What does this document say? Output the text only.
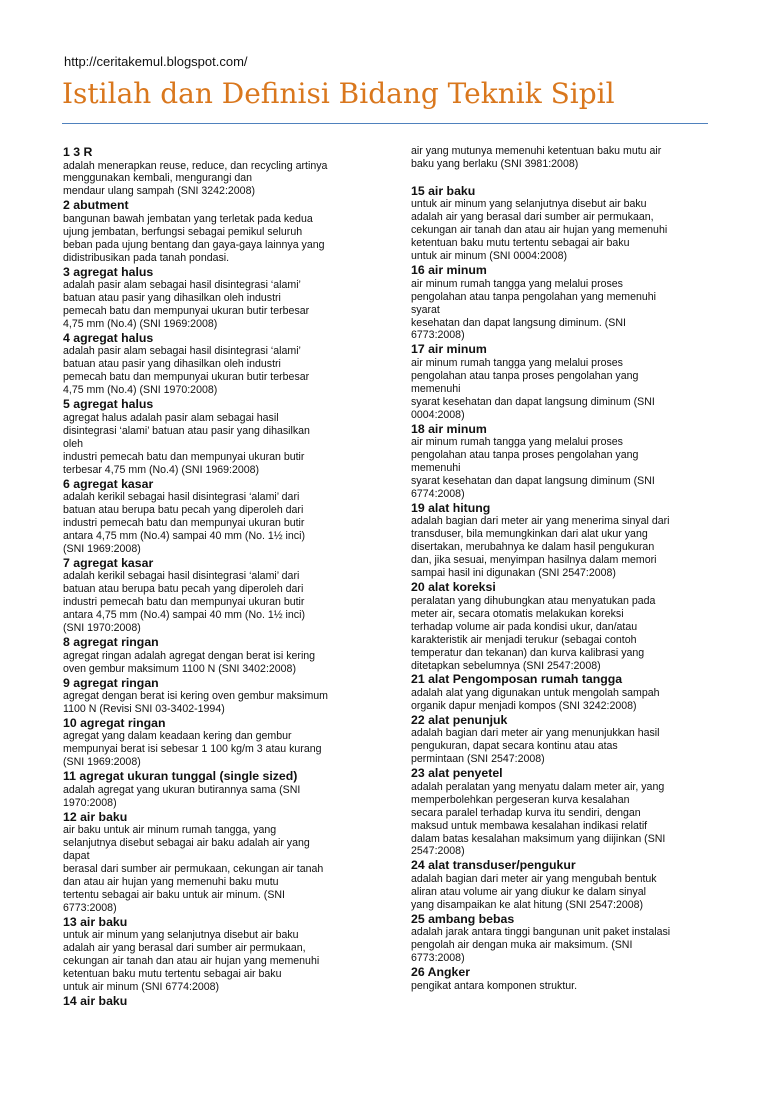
http://ceritakemul.blogspot.com/
Istilah dan Definisi Bidang Teknik Sipil
1 3 R

adalah menerapkan reuse, reduce, dan recycling artinya

menggunakan kembali, mengurangi dan

mendaur ulang sampah (SNI 3242:2008)

2 abutment

bangunan bawah jembatan yang terletak pada kedua

ujung jembatan, berfungsi sebagai pemikul seluruh

beban pada ujung bentang dan gaya-gaya lainnya yang

didistribusikan pada tanah pondasi.

3 agregat halus

adalah pasir alam sebagai hasil disintegrasi ‘alami’

batuan atau pasir yang dihasilkan oleh industri

pemecah batu dan mempunyai ukuran butir terbesar

4,75 mm (No.4) (SNI 1969:2008)

4 agregat halus

adalah pasir alam sebagai hasil disintegrasi ‘alami’

batuan atau pasir yang dihasilkan oleh industri

pemecah batu dan mempunyai ukuran butir terbesar

4,75 mm (No.4) (SNI 1970:2008)

5 agregat halus

agregat halus adalah pasir alam sebagai hasil

disintegrasi ‘alami’ batuan atau pasir yang dihasilkan

oleh

industri pemecah batu dan mempunyai ukuran butir

terbesar 4,75 mm (No.4) (SNI 1969:2008)

6 agregat kasar

adalah kerikil sebagai hasil disintegrasi ‘alami’ dari

batuan atau berupa batu pecah yang diperoleh dari

industri pemecah batu dan mempunyai ukuran butir

antara 4,75 mm (No.4) sampai 40 mm (No. 1½ inci)

(SNI 1969:2008)

7 agregat kasar

adalah kerikil sebagai hasil disintegrasi ‘alami’ dari

batuan atau berupa batu pecah yang diperoleh dari

industri pemecah batu dan mempunyai ukuran butir

antara 4,75 mm (No.4) sampai 40 mm (No. 1½ inci)

(SNI 1970:2008)

8 agregat ringan

agregat ringan adalah agregat dengan berat isi kering

oven gembur maksimum 1100 N (SNI 3402:2008)

9 agregat ringan

agregat dengan berat isi kering oven gembur maksimum

1100 N (Revisi SNI 03-3402-1994)

10 agregat ringan

agregat yang dalam keadaan kering dan gembur

mempunyai berat isi sebesar 1 100 kg/m 3 atau kurang

(SNI 1969:2008)

11 agregat ukuran tunggal (single sized)

adalah agregat yang ukuran butirannya sama (SNI

1970:2008)

12 air baku

air baku untuk air minum rumah tangga, yang

selanjutnya disebut sebagai air baku adalah air yang

dapat

berasal dari sumber air permukaan, cekungan air tanah

dan atau air hujan yang memenuhi baku mutu

tertentu sebagai air baku untuk air minum. (SNI

6773:2008)

13 air baku

untuk air minum yang selanjutnya disebut air baku

adalah air yang berasal dari sumber air permukaan,

cekungan air tanah dan atau air hujan yang memenuhi

ketentuan baku mutu tertentu sebagai air baku

untuk air minum (SNI 6774:2008)

14 air baku

air yang mutunya memenuhi ketentuan baku mutu air

baku yang berlaku (SNI 3981:2008)

15 air baku

untuk air minum yang selanjutnya disebut air baku

adalah air yang berasal dari sumber air permukaan,

cekungan air tanah dan atau air hujan yang memenuhi

ketentuan baku mutu tertentu sebagai air baku

untuk air minum (SNI 0004:2008)

16 air minum

air minum rumah tangga yang melalui proses

pengolahan atau tanpa pengolahan yang memenuhi

syarat

kesehatan dan dapat langsung diminum. (SNI

6773:2008)

17 air minum

air minum rumah tangga yang melalui proses

pengolahan atau tanpa proses pengolahan yang

memenuhi

syarat kesehatan dan dapat langsung diminum (SNI

0004:2008)

18 air minum

air minum rumah tangga yang melalui proses

pengolahan atau tanpa proses pengolahan yang

memenuhi

syarat kesehatan dan dapat langsung diminum (SNI

6774:2008)

19 alat hitung

adalah bagian dari meter air yang menerima sinyal dari

transduser, bila memungkinkan dari alat ukur yang

disertakan, merubahnya ke dalam hasil pengukuran

dan, jika sesuai, menyimpan hasilnya dalam memori

sampai hasil ini digunakan (SNI 2547:2008)

20 alat koreksi

peralatan yang dihubungkan atau menyatukan pada

meter air, secara otomatis melakukan koreksi

terhadap volume air pada kondisi ukur, dan/atau

karakteristik air menjadi terukur (sebagai contoh

temperatur dan tekanan) dan kurva kalibrasi yang

ditetapkan sebelumnya (SNI 2547:2008)

21 alat Pengomposan rumah tangga

adalah alat yang digunakan untuk mengolah sampah

organik dapur menjadi kompos (SNI 3242:2008)

22 alat penunjuk

adalah bagian dari meter air yang menunjukkan hasil

pengukuran, dapat secara kontinu atau atas

permintaan (SNI 2547:2008)

23 alat penyetel

adalah peralatan yang menyatu dalam meter air, yang

memperbolehkan pergeseran kurva kesalahan

secara paralel terhadap kurva itu sendiri, dengan

maksud untuk membawa kesalahan indikasi relatif

dalam batas kesalahan maksimum yang diijinkan (SNI

2547:2008)

24 alat transduser/pengukur

adalah bagian dari meter air yang mengubah bentuk

aliran atau volume air yang diukur ke dalam sinyal

yang disampaikan ke alat hitung (SNI 2547:2008)

25 ambang bebas

adalah jarak antara tinggi bangunan unit paket instalasi

pengolah air dengan muka air maksimum. (SNI

6773:2008)

26 Angker

pengikat antara komponen struktur.
